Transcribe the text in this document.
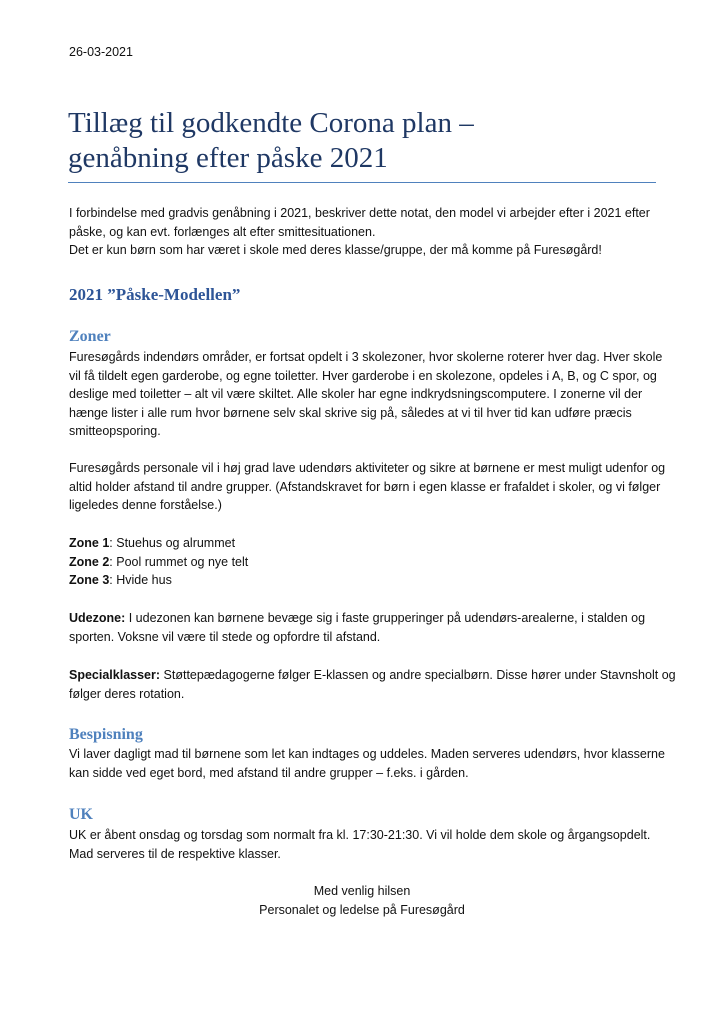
26-03-2021
Tillæg til godkendte Corona plan –
genåbning efter påske 2021

I forbindelse med gradvis genåbning i 2021, beskriver dette notat, den model vi arbejder efter i 2021 efter
påske, og kan evt. forlænges alt efter smittesituationen.
Det er kun børn som har været i skole med deres klasse/gruppe, der må komme på Furesøgård!

2021 ”Påske-Modellen”
Zoner

Furesøgårds indendørs områder, er fortsat opdelt i 3 skolezoner, hvor skolerne roterer hver dag. Hver skole
vil få tildelt egen garderobe, og egne toiletter. Hver garderobe i en skolezone, opdeles i A, B, og C spor, og
deslige med toiletter – alt vil være skiltet. Alle skoler har egne indkrydsningscomputere. I zonerne vil der
hænge lister i alle rum hvor børnene selv skal skrive sig på, således at vi til hver tid kan udføre præcis
smitteopsporing.

Furesøgårds personale vil i høj grad lave udendørs aktiviteter og sikre at børnene er mest muligt udenfor og
altid holder afstand til andre grupper. (Afstandskravet for børn i egen klasse er frafaldet i skoler, og vi følger
ligeledes denne forståelse.)

Zone 1: Stuehus og alrummet
Zone 2: Pool rummet og nye telt
Zone 3: Hvide hus

Udezone: I udezonen kan børnene bevæge sig i faste grupperinger på udendørs-arealerne, i stalden og
sporten. Voksne vil være til stede og opfordre til afstand.

Specialklasser: Støttepædagogerne følger E-klassen og andre specialbørn. Disse hører under Stavnsholt og
følger deres rotation.

Bespisning

Vi laver dagligt mad til børnene som let kan indtages og uddeles. Maden serveres udendørs, hvor klasserne
kan sidde ved eget bord, med afstand til andre grupper – f.eks. i gården.

UK

UK er åbent onsdag og torsdag som normalt fra kl. 17:30-21:30. Vi vil holde dem skole og årgangsopdelt.
Mad serveres til de respektive klasser.

Med venlig hilsen
Personalet og ledelse på Furesøgård
